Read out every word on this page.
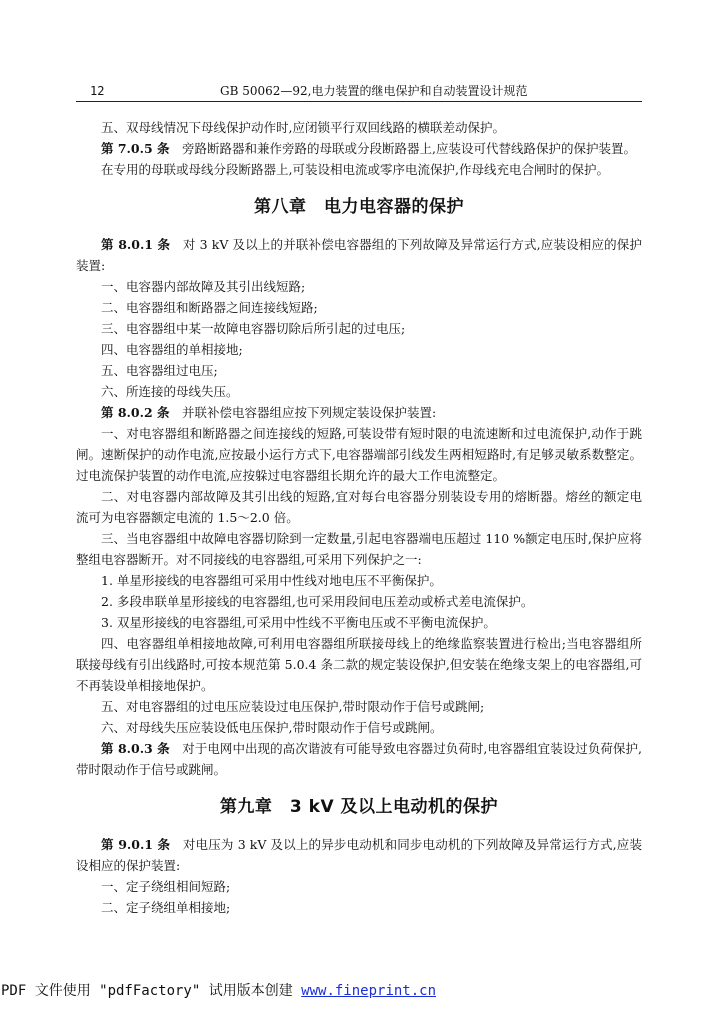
12	GB 50062—92,电力装置的继电保护和自动装置设计规范

五、双母线情况下母线保护动作时,应闭锁平行双回线路的横联差动保护。

第 7.0.5 条　 旁路断路器和兼作旁路的母联或分段断路器上,应装设可代替线路保护的保护装置。

在专用的母联或母线分段断路器上,可装设相电流或零序电流保护,作母线充电合闸时的保护。

第八章　电力电容器的保护

第 8.0.1 条　 对 3 kV 及以上的并联补偿电容器组的下列故障及异常运行方式,应装设相应的保护装置:

一、电容器内部故障及其引出线短路;

二、电容器组和断路器之间连接线短路;

三、电容器组中某一故障电容器切除后所引起的过电压;

四、电容器组的单相接地;

五、电容器组过电压;

六、所连接的母线失压。

第 8.0.2 条　 并联补偿电容器组应按下列规定装设保护装置:

一、对电容器组和断路器之间连接线的短路,可装设带有短时限的电流速断和过电流保护,动作于跳闸。速断保护的动作电流,应按最小运行方式下,电容器端部引线发生两相短路时,有足够灵敏系数整定。过电流保护装置的动作电流,应按躲过电容器组长期允许的最大工作电流整定。

二、对电容器内部故障及其引出线的短路,宜对每台电容器分别装设专用的熔断器。熔丝的额定电流可为电容器额定电流的 1.5～2.0 倍。

三、当电容器组中故障电容器切除到一定数量,引起电容器端电压超过 110 %额定电压时,保护应将整组电容器断开。对不同接线的电容器组,可采用下列保护之一:

1. 单星形接线的电容器组可采用中性线对地电压不平衡保护。

2. 多段串联单星形接线的电容器组,也可采用段间电压差动或桥式差电流保护。

3. 双星形接线的电容器组,可采用中性线不平衡电压或不平衡电流保护。

四、电容器组单相接地故障,可利用电容器组所联接母线上的绝缘监察装置进行检出;当电容器组所联接母线有引出线路时,可按本规范第 5.0.4 条二款的规定装设保护,但安装在绝缘支架上的电容器组,可不再装设单相接地保护。

五、对电容器组的过电压应装设过电压保护,带时限动作于信号或跳闸;

六、对母线失压应装设低电压保护,带时限动作于信号或跳闸。

第 8.0.3 条　 对于电网中出现的高次谐波有可能导致电容器过负荷时,电容器组宜装设过负荷保护,带时限动作于信号或跳闸。

第九章　3 kV 及以上电动机的保护

第 9.0.1 条　 对电压为 3 kV 及以上的异步电动机和同步电动机的下列故障及异常运行方式,应装设相应的保护装置:

一、定子绕组相间短路;

二、定子绕组单相接地;

PDF 文件使用 "pdfFactory" 试用版本创建 www.fineprint.cn
